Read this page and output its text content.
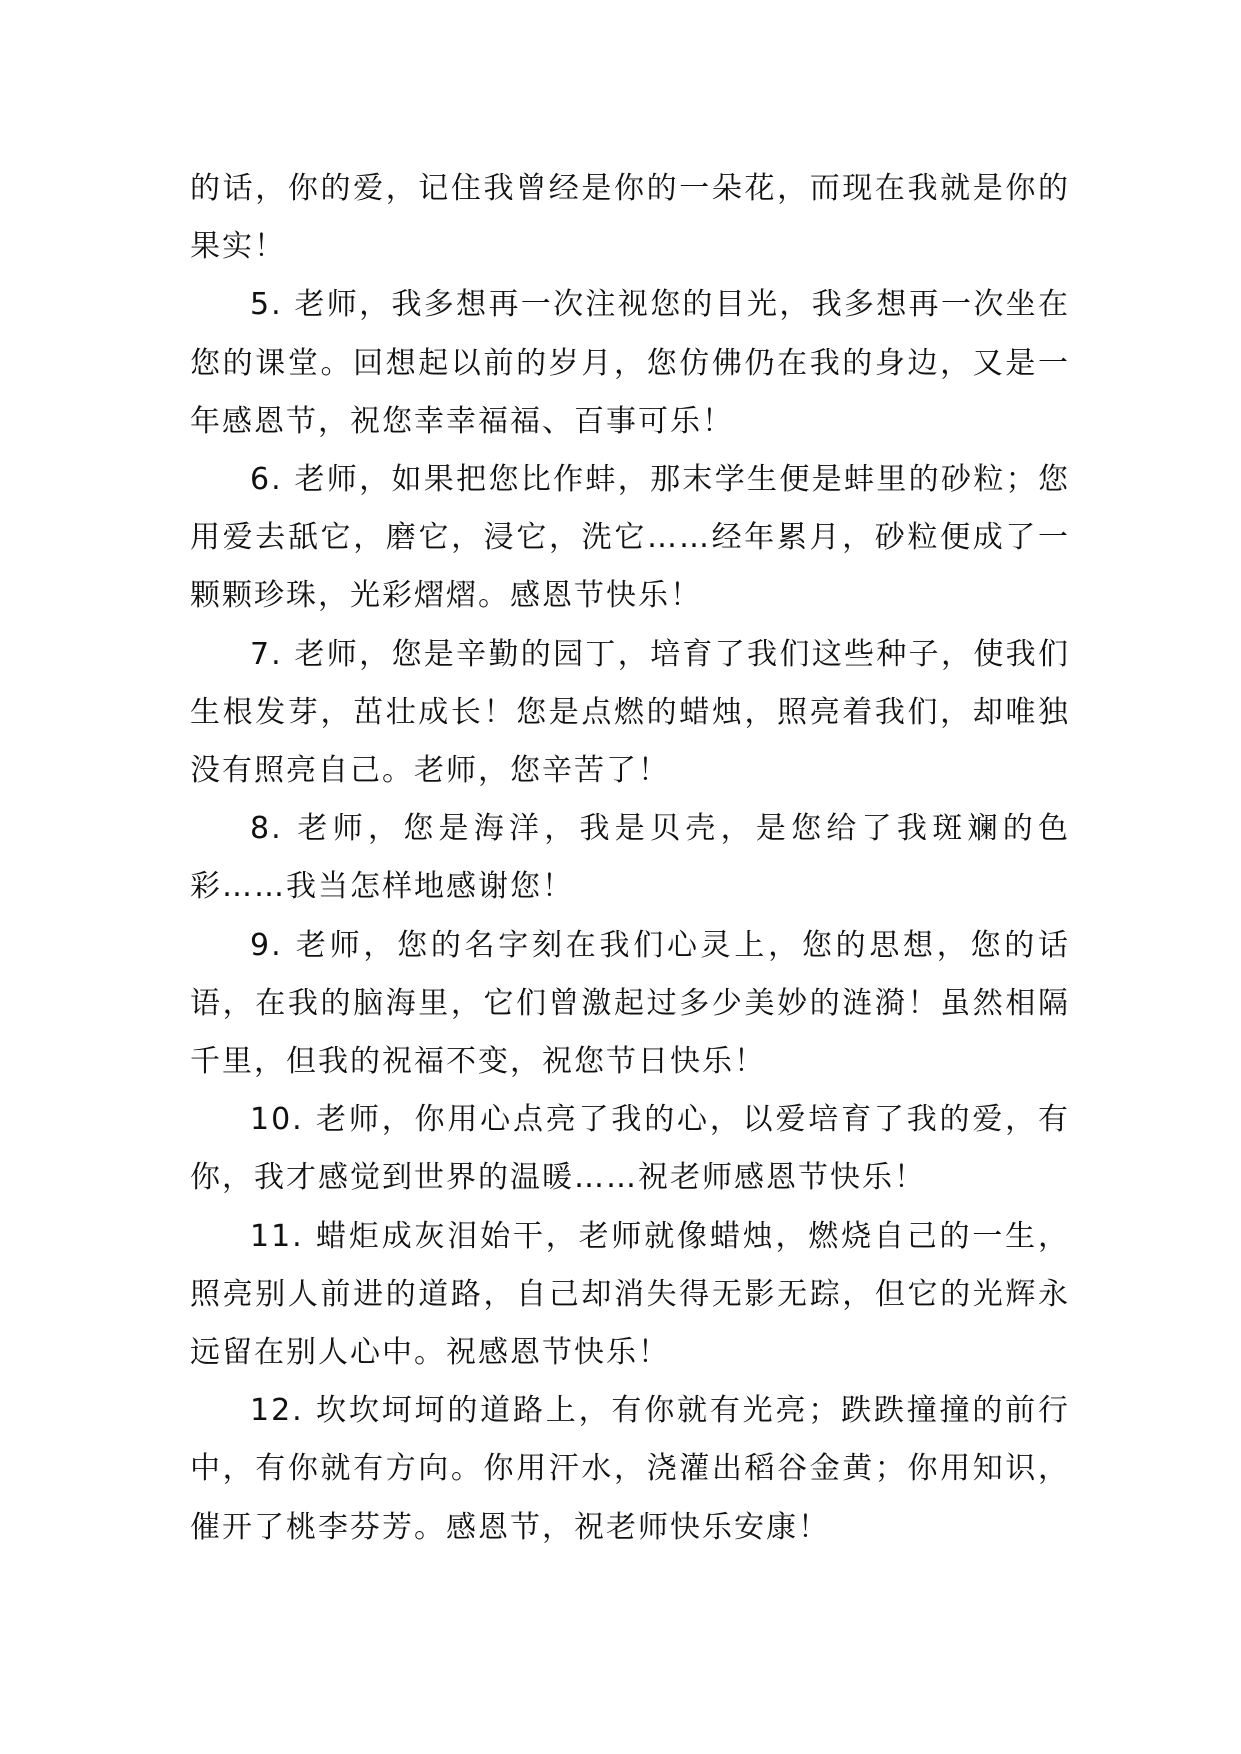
的话，你的爱，记住我曾经是你的一朵花，而现在我就是你的果实！

5. 老师，我多想再一次注视您的目光，我多想再一次坐在您的课堂。回想起以前的岁月，您仿佛仍在我的身边，又是一年感恩节，祝您幸幸福福、百事可乐！

6. 老师，如果把您比作蚌，那末学生便是蚌里的砂粒；您用爱去舐它，磨它，浸它，洗它……经年累月，砂粒便成了一颗颗珍珠，光彩熠熠。感恩节快乐！

7. 老师，您是辛勤的园丁，培育了我们这些种子，使我们生根发芽，茁壮成长！您是点燃的蜡烛，照亮着我们，却唯独没有照亮自己。老师，您辛苦了！

8. 老师，您是海洋，我是贝壳，是您给了我斑斓的色彩……我当怎样地感谢您！

9. 老师，您的名字刻在我们心灵上，您的思想，您的话语，在我的脑海里，它们曾激起过多少美妙的涟漪！虽然相隔千里，但我的祝福不变，祝您节日快乐！

10. 老师，你用心点亮了我的心，以爱培育了我的爱，有你，我才感觉到世界的温暖……祝老师感恩节快乐！

11. 蜡炬成灰泪始干，老师就像蜡烛，燃烧自己的一生，照亮别人前进的道路，自己却消失得无影无踪，但它的光辉永远留在别人心中。祝感恩节快乐！

12. 坎坎坷坷的道路上，有你就有光亮；跌跌撞撞的前行中，有你就有方向。你用汗水，浇灌出稻谷金黄；你用知识，催开了桃李芬芳。感恩节，祝老师快乐安康！
